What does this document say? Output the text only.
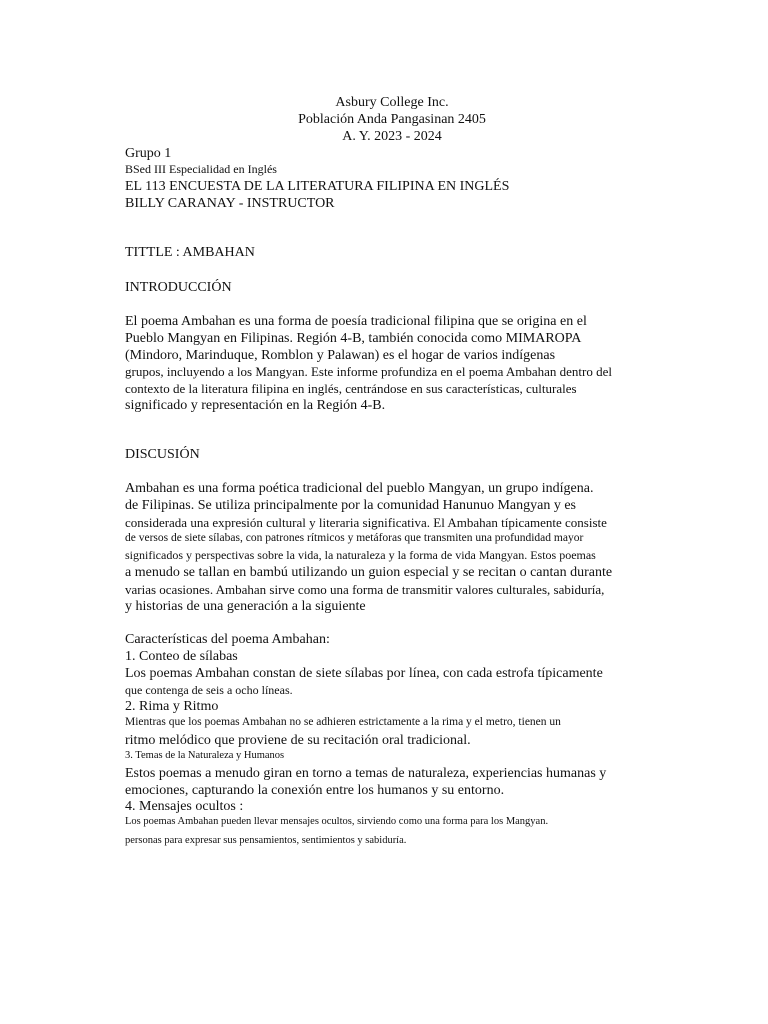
Asbury College Inc.
Población Anda Pangasinan 2405
A. Y. 2023 - 2024
Grupo 1
BSed III Especialidad en Inglés
EL 113 ENCUESTA DE LA LITERATURA FILIPINA EN INGLÉS
BILLY CARANAY - INSTRUCTOR
TITTLE : AMBAHAN
INTRODUCCIÓN
El poema Ambahan es una forma de poesía tradicional filipina que se origina en el
Pueblo Mangyan en Filipinas. Región 4-B, también conocida como MIMAROPA
(Mindoro, Marinduque, Romblon y Palawan) es el hogar de varios indígenas
grupos, incluyendo a los Mangyan. Este informe profundiza en el poema Ambahan dentro del
contexto de la literatura filipina en inglés, centrándose en sus características, culturales
significado y representación en la Región 4-B.
DISCUSIÓN
Ambahan es una forma poética tradicional del pueblo Mangyan, un grupo indígena.
de Filipinas. Se utiliza principalmente por la comunidad Hanunuo Mangyan y es
considerada una expresión cultural y literaria significativa. El Ambahan típicamente consiste
de versos de siete sílabas, con patrones rítmicos y metáforas que transmiten una profundidad mayor
significados y perspectivas sobre la vida, la naturaleza y la forma de vida Mangyan. Estos poemas
a menudo se tallan en bambú utilizando un guion especial y se recitan o cantan durante
varias ocasiones. Ambahan sirve como una forma de transmitir valores culturales, sabiduría,
y historias de una generación a la siguiente
Características del poema Ambahan:
1. Conteo de sílabas
Los poemas Ambahan constan de siete sílabas por línea, con cada estrofa típicamente
que contenga de seis a ocho líneas.
2. Rima y Ritmo
Mientras que los poemas Ambahan no se adhieren estrictamente a la rima y el metro, tienen un
ritmo melódico que proviene de su recitación oral tradicional.
3. Temas de la Naturaleza y Humanos
Estos poemas a menudo giran en torno a temas de naturaleza, experiencias humanas y
emociones, capturando la conexión entre los humanos y su entorno.
4. Mensajes ocultos :
Los poemas Ambahan pueden llevar mensajes ocultos, sirviendo como una forma para los Mangyan.
personas para expresar sus pensamientos, sentimientos y sabiduría.
